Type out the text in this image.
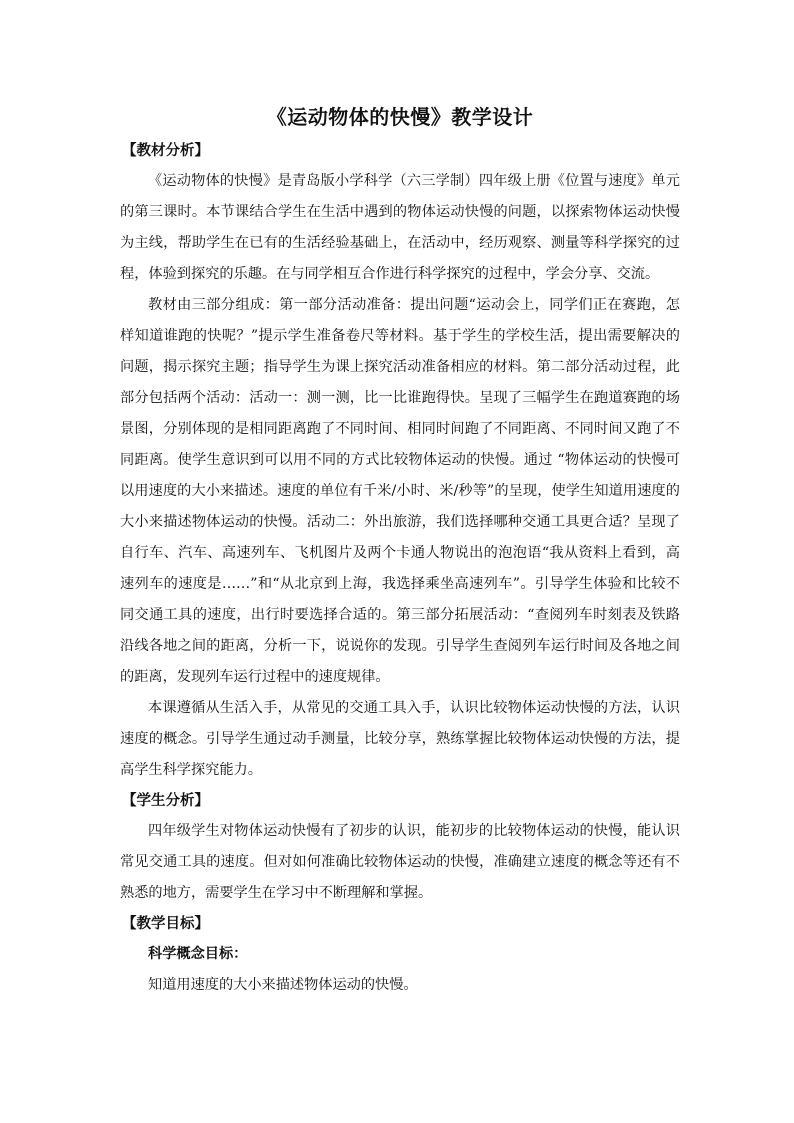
《运动物体的快慢》教学设计
【教材分析】

《运动物体的快慢》是青岛版小学科学（六三学制）四年级上册《位置与速度》单元的第三课时。本节课结合学生在生活中遇到的物体运动快慢的问题，以探索物体运动快慢为主线，帮助学生在已有的生活经验基础上，在活动中，经历观察、测量等科学探究的过程，体验到探究的乐趣。在与同学相互合作进行科学探究的过程中，学会分享、交流。

教材由三部分组成：第一部分活动准备：提出问题“运动会上，同学们正在赛跑，怎样知道谁跑的快呢？”提示学生准备卷尺等材料。基于学生的学校生活，提出需要解决的问题，揭示探究主题；指导学生为课上探究活动准备相应的材料。第二部分活动过程，此部分包括两个活动：活动一：测一测，比一比谁跑得快。呈现了三幅学生在跑道赛跑的场景图，分别体现的是相同距离跑了不同时间、相同时间跑了不同距离、不同时间又跑了不同距离。使学生意识到可以用不同的方式比较物体运动的快慢。通过 “物体运动的快慢可以用速度的大小来描述。速度的单位有千米/小时、米/秒等”的呈现，使学生知道用速度的大小来描述物体运动的快慢。活动二：外出旅游，我们选择哪种交通工具更合适？呈现了自行车、汽车、高速列车、飞机图片及两个卡通人物说出的泡泡语“我从资料上看到，高速列车的速度是……”和“从北京到上海，我选择乘坐高速列车”。引导学生体验和比较不同交通工具的速度，出行时要选择合适的。第三部分拓展活动：“查阅列车时刻表及铁路沿线各地之间的距离，分析一下，说说你的发现。引导学生查阅列车运行时间及各地之间的距离，发现列车运行过程中的速度规律。

本课遵循从生活入手，从常见的交通工具入手，认识比较物体运动快慢的方法，认识速度的概念。引导学生通过动手测量，比较分享，熟练掌握比较物体运动快慢的方法，提高学生科学探究能力。

【学生分析】

四年级学生对物体运动快慢有了初步的认识，能初步的比较物体运动的快慢，能认识常见交通工具的速度。但对如何准确比较物体运动的快慢，准确建立速度的概念等还有不熟悉的地方，需要学生在学习中不断理解和掌握。

【教学目标】
科学概念目标：

知道用速度的大小来描述物体运动的快慢。
